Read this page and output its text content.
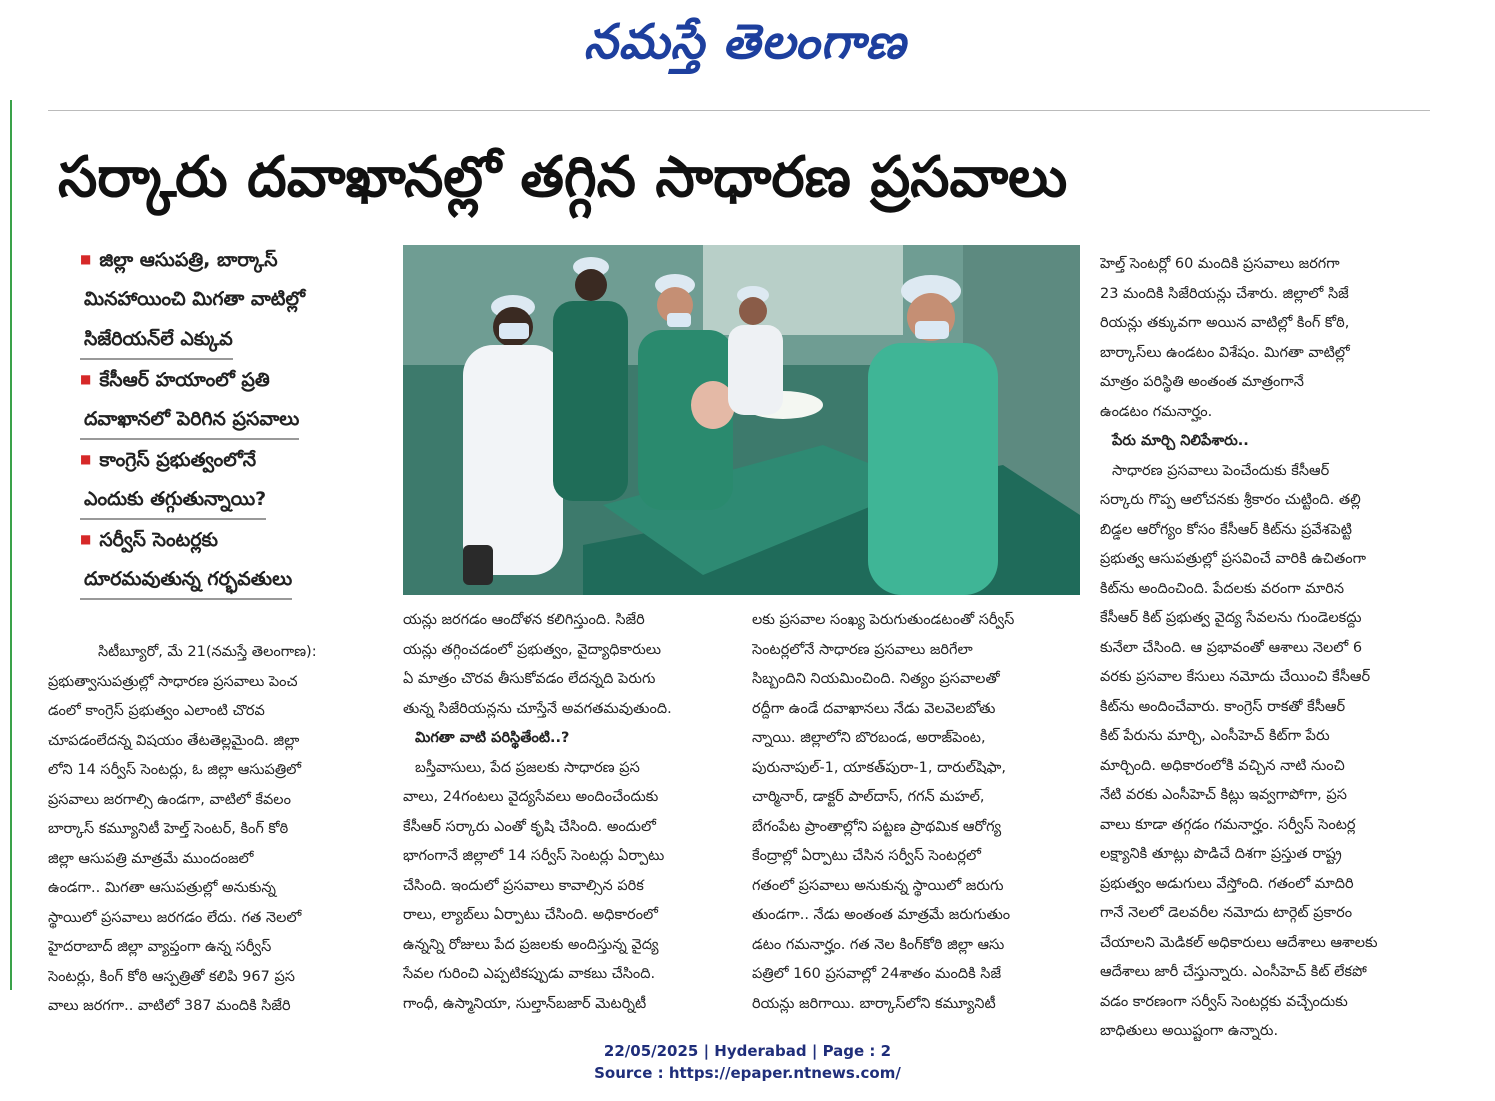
నమస్తే తెలంగాణ
సర్కారు దవాఖానల్లో తగ్గిన సాధారణ ప్రసవాలు
■ జిల్లా ఆసుపత్రి, బార్కాస్
మినహాయించి మిగతా వాటిల్లో
సిజేరియన్‌లే ఎక్కువ
■ కేసీఆర్ హయాంలో ప్రతి
దవాఖానలో పెరిగిన ప్రసవాలు
■ కాంగ్రెస్ ప్రభుత్వంలోనే
ఎందుకు తగ్గుతున్నాయి?
■ సర్వీస్ సెంటర్లకు
దూరమవుతున్న గర్భవతులు

సిటీబ్యూరో, మే 21(నమస్తే తెలంగాణ):

ప్రభుత్వాసుపత్రుల్లో సాధారణ ప్రసవాలు పెంచ

డంలో కాంగ్రెస్ ప్రభుత్వం ఎలాంటి చొరవ

చూపడంలేదన్న విషయం తేటతెల్లమైంది. జిల్లా

లోని 14 సర్వీస్ సెంటర్లు, ఓ జిల్లా ఆసుపత్రిలో

ప్రసవాలు జరగాల్సి ఉండగా, వాటిలో కేవలం

బార్కాస్ కమ్యూనిటీ హెల్త్ సెంటర్, కింగ్ కోఠి

జిల్లా ఆసుపత్రి మాత్రమే ముందంజలో

ఉండగా.. మిగతా ఆసుపత్రుల్లో అనుకున్న

స్థాయిలో ప్రసవాలు జరగడం లేదు. గత నెలలో

హైదరాబాద్ జిల్లా వ్యాప్తంగా ఉన్న సర్వీస్

సెంటర్లు, కింగ్ కోఠి ఆస్పత్రితో కలిపి 967 ప్రస

వాలు జరగగా.. వాటిలో 387 మందికి సిజేరి

యన్లు జరగడం ఆందోళన కలిగిస్తుంది. సిజేరి

యన్లు తగ్గించడంలో ప్రభుత్వం, వైద్యాధికారులు

ఏ మాత్రం చొరవ తీసుకోవడం లేదన్నది పెరుగు

తున్న సిజేరియన్లను చూస్తేనే అవగతమవుతుంది.

మిగతా వాటి పరిస్థితేంటి..?

బస్తీవాసులు, పేద ప్రజలకు సాధారణ ప్రస

వాలు, 24గంటలు వైద్యసేవలు అందించేందుకు

కేసీఆర్ సర్కారు ఎంతో కృషి చేసింది. అందులో

భాగంగానే జిల్లాలో 14 సర్వీస్ సెంటర్లు ఏర్పాటు

చేసింది. ఇందులో ప్రసవాలు కావాల్సిన పరిక

రాలు, ల్యాబ్‌లు ఏర్పాటు చేసింది. అధికారంలో

ఉన్నన్ని రోజులు పేద ప్రజలకు అందిస్తున్న వైద్య

సేవల గురించి ఎప్పటికప్పుడు వాకబు చేసింది.

గాంధీ, ఉస్మానియా, సుల్తాన్‌బజార్ మెటర్నిటీ

లకు ప్రసవాల సంఖ్య పెరుగుతుండటంతో సర్వీస్

సెంటర్లలోనే సాధారణ ప్రసవాలు జరిగేలా

సిబ్బందిని నియమించింది. నిత్యం ప్రసవాలతో

రద్దీగా ఉండే దవాఖానలు నేడు వెలవెలబోతు

న్నాయి. జిల్లాలోని బొరబండ, అరాజ్‌పెంట,

పురునాపుల్-1, యాకత్‌పురా-1, దారుల్‌షిఫా,

చార్మినార్, డాక్టర్ పాల్‌దాస్, గగన్ మహల్,

బేగంపేట ప్రాంతాల్లోని పట్టణ ప్రాథమిక ఆరోగ్య

కేంద్రాల్లో ఏర్పాటు చేసిన సర్వీస్ సెంటర్లలో

గతంలో ప్రసవాలు అనుకున్న స్థాయిలో జరుగు

తుండగా.. నేడు అంతంత మాత్రమే జరుగుతుం

డటం గమనార్హం. గత నెల కింగ్‌కోఠి జిల్లా ఆసు

పత్రిలో 160 ప్రసవాల్లో 24శాతం మందికి సిజే

రియన్లు జరిగాయి. బార్కాస్‌లోని కమ్యూనిటీ

హెల్త్ సెంటర్లో 60 మందికి ప్రసవాలు జరగగా

23 మందికి సిజేరియన్లు చేశారు. జిల్లాలో సిజే

రియన్లు తక్కువగా అయిన వాటిల్లో కింగ్ కోఠి,

బార్కాస్‌లు ఉండటం విశేషం. మిగతా వాటిల్లో

మాత్రం పరిస్థితి అంతంత మాత్రంగానే

ఉండటం గమనార్హం.

పేరు మార్చి నిలిపేశారు..

సాధారణ ప్రసవాలు పెంచేందుకు కేసీఆర్

సర్కారు గొప్ప ఆలోచనకు శ్రీకారం చుట్టింది. తల్లి

బిడ్డల ఆరోగ్యం కోసం కేసీఆర్ కిట్‌ను ప్రవేశపెట్టి

ప్రభుత్వ ఆసుపత్రుల్లో ప్రసవించే వారికి ఉచితంగా

కిట్‌ను అందించింది. పేదలకు వరంగా మారిన

కేసీఆర్ కిట్ ప్రభుత్వ వైద్య సేవలను గుండెలకద్దు

కునేలా చేసింది. ఆ ప్రభావంతో ఆశాలు నెలలో 6

వరకు ప్రసవాల కేసులు నమోదు చేయించి కేసీఆర్

కిట్‌ను అందించేవారు. కాంగ్రెస్ రాకతో కేసీఆర్

కిట్ పేరును మార్చి, ఎంసీహెచ్ కిట్‌గా పేరు

మార్చింది. అధికారంలోకి వచ్చిన నాటి నుంచి

నేటి వరకు ఎంసీహెచ్ కిట్లు ఇవ్వగాపోగా, ప్రస

వాలు కూడా తగ్గడం గమనార్హం. సర్వీస్ సెంటర్ల

లక్ష్యానికి తూట్లు పొడిచే దిశగా ప్రస్తుత రాష్ట్ర

ప్రభుత్వం అడుగులు వేస్తోంది. గతంలో మాదిరి

గానే నెలలో డెలవరీల నమోదు టార్గెట్ ప్రకారం

చేయాలని మెడికల్ అధికారులు ఆదేశాలు ఆశాలకు

ఆదేశాలు జారీ చేస్తున్నారు. ఎంసీహెచ్ కిట్ లేకపో

వడం కారణంగా సర్వీస్ సెంటర్లకు వచ్చేందుకు

బాధితులు అయిష్టంగా ఉన్నారు.

22/05/2025 | Hyderabad | Page : 2
Source : https://epaper.ntnews.com/
